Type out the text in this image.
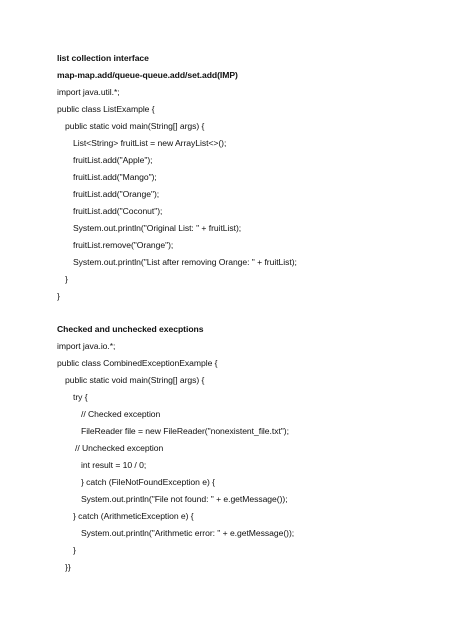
list collection interface
map-map.add/queue-queue.add/set.add(IMP)
import java.util.*;
public class ListExample {
public static void main(String[] args) {
List<String> fruitList = new ArrayList<>();
fruitList.add("Apple");
fruitList.add("Mango");
fruitList.add("Orange");
fruitList.add("Coconut");
System.out.println("Original List: " + fruitList);
fruitList.remove("Orange");
System.out.println("List after removing Orange: " + fruitList);
}
}
Checked and unchecked execptions
import java.io.*;
public class CombinedExceptionExample {
public static void main(String[] args) {
try {
// Checked exception
FileReader file = new FileReader("nonexistent_file.txt");
// Unchecked exception
int result = 10 / 0;
} catch (FileNotFoundException e) {
System.out.println("File not found: " + e.getMessage());
} catch (ArithmeticException e) {
System.out.println("Arithmetic error: " + e.getMessage());
}
}}
